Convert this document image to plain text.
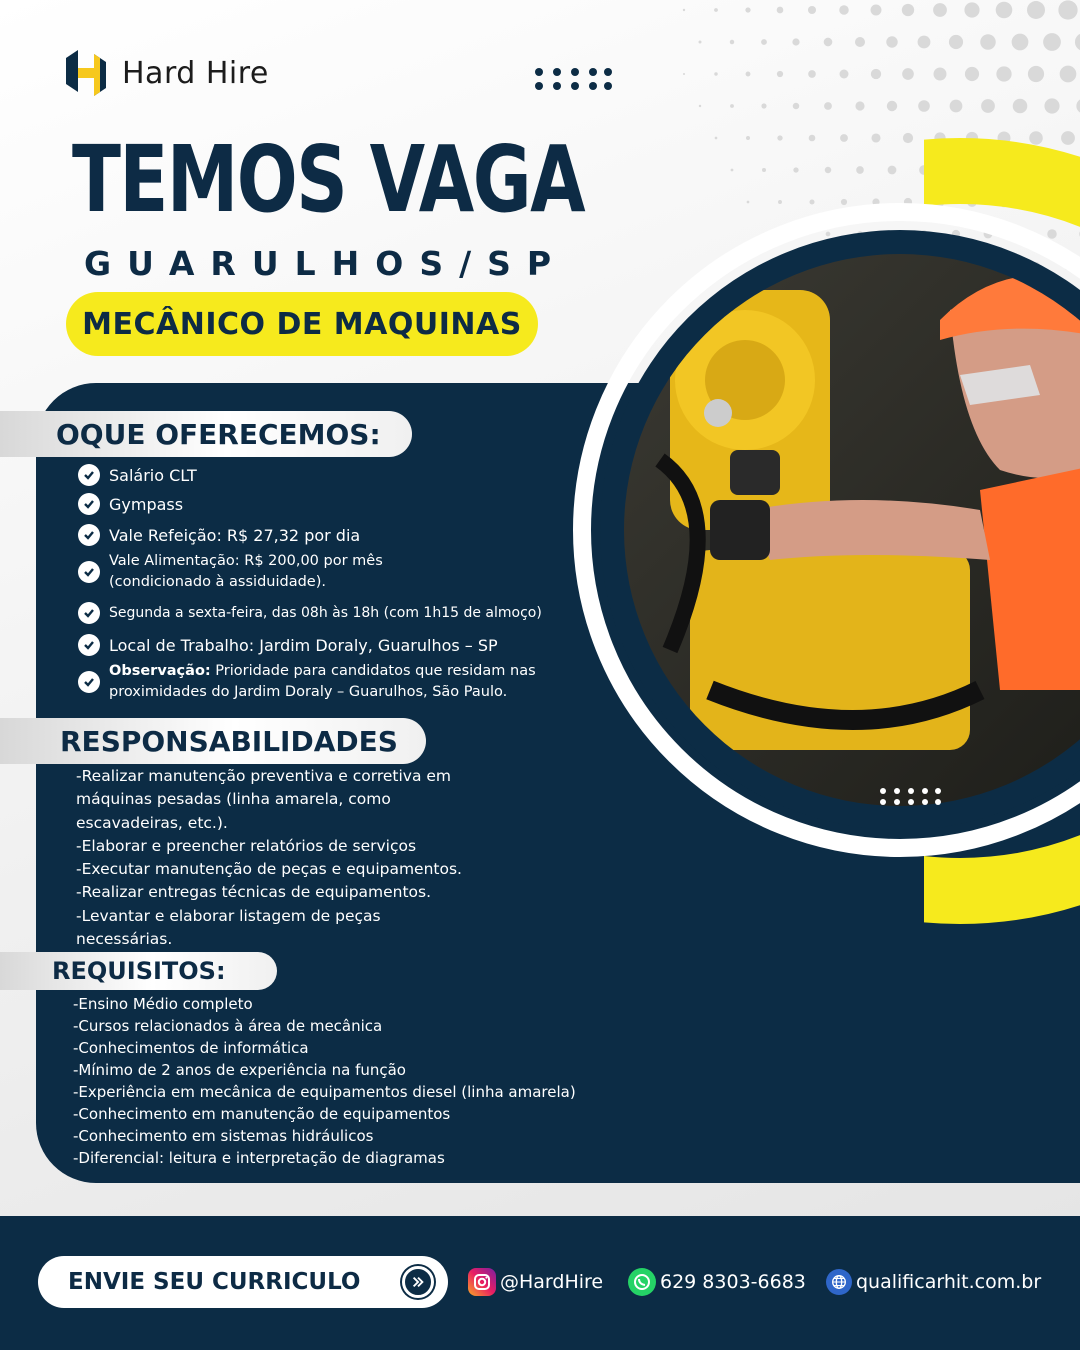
Hard Hire
TEMOS VAGA
GUARULHOS/SP
MECÂNICO DE MAQUINAS
OQUE OFERECEMOS:
Salário CLT
Gympass
Vale Refeição: R$ 27,32 por dia
Vale Alimentação: R$ 200,00 por mês
(condicionado à assiduidade).
Segunda a sexta-feira, das 08h às 18h (com 1h15 de almoço)
Local de Trabalho: Jardim Doraly, Guarulhos – SP
Observação: Prioridade para candidatos que residam nas
proximidades do Jardim Doraly – Guarulhos, São Paulo.
RESPONSABILIDADES
-Realizar manutenção preventiva e corretiva em
máquinas pesadas (linha amarela, como
escavadeiras, etc.).
-Elaborar e preencher relatórios de serviços
-Executar manutenção de peças e equipamentos.
-Realizar entregas técnicas de equipamentos.
-Levantar e elaborar listagem de peças
necessárias.
REQUISITOS:
-Ensino Médio completo
-Cursos relacionados à área de mecânica
-Conhecimentos de informática
-Mínimo de 2 anos de experiência na função
-Experiência em mecânica de equipamentos diesel (linha amarela)
-Conhecimento em manutenção de equipamentos
-Conhecimento em sistemas hidráulicos
-Diferencial: leitura e interpretação de diagramas
ENVIE SEU CURRICULO	@HardHire	629 8303-6683	qualificarhit.com.br
